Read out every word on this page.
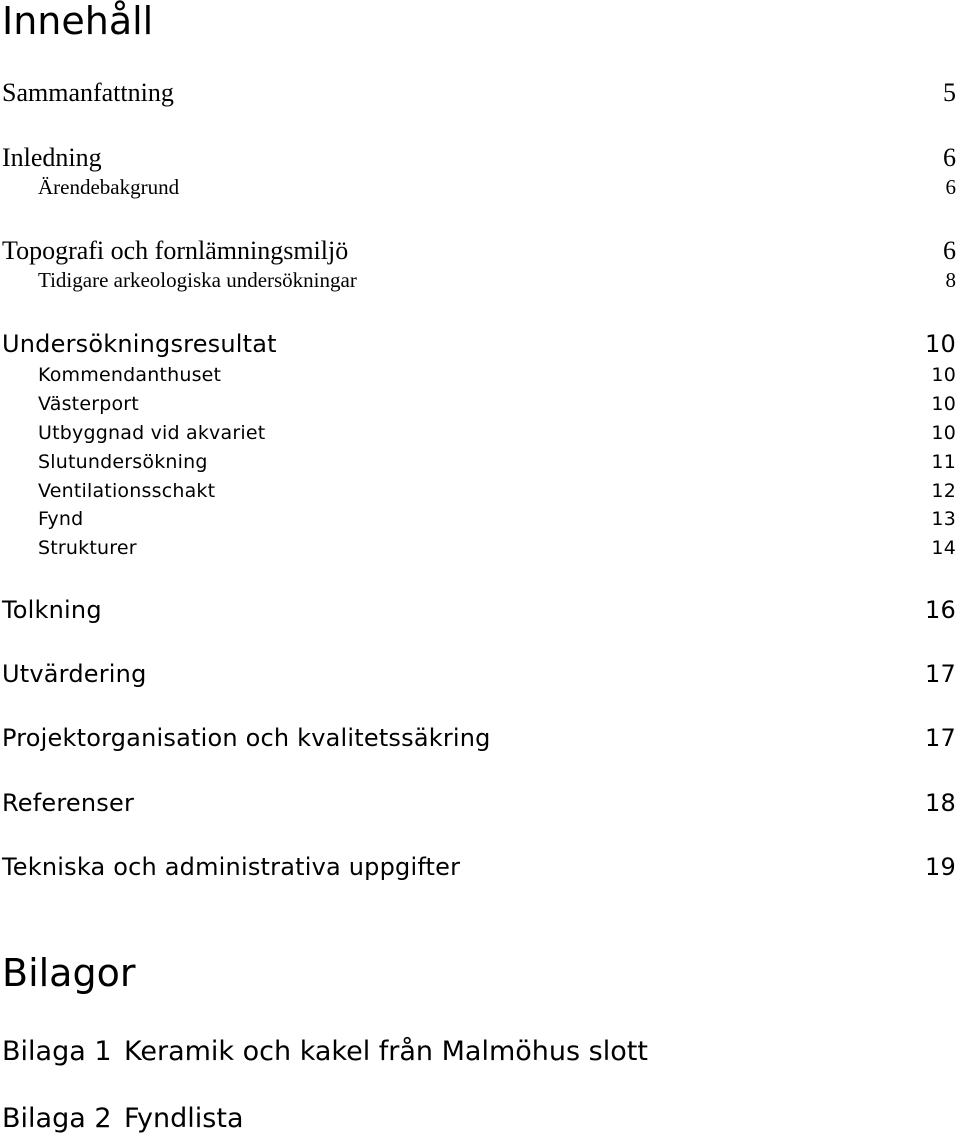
Innehåll
Sammanfattning	5
Inledning	6
Ärendebakgrund	6
Topografi och fornlämningsmiljö	6
Tidigare arkeologiska undersökningar	8
Undersökningsresultat	10
Kommendanthuset	10
Västerport	10
Utbyggnad vid akvariet	10
Slutundersökning	11
Ventilationsschakt	12
Fynd	13
Strukturer	14
Tolkning	16
Utvärdering	17
Projektorganisation och kvalitetssäkring	17
Referenser	18
Tekniska och administrativa uppgifter	19
Bilagor
Bilaga 1 Keramik och kakel från Malmöhus slott
Bilaga 2 Fyndlista
